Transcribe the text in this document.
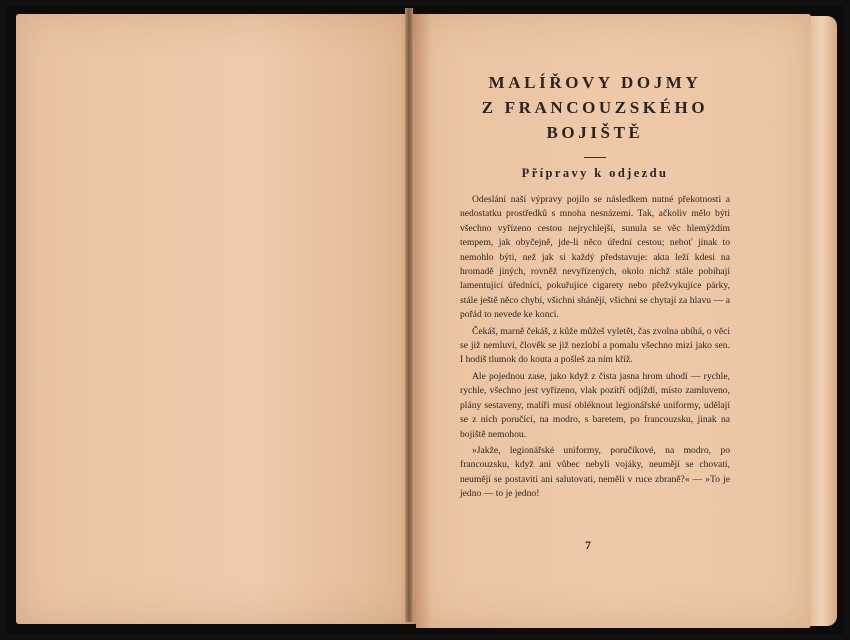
MALÍŘOVY DOJMY
Z FRANCOUZSKÉHO
BOJIŠTĚ
Přípravy k odjezdu

Odeslání naší výpravy pojilo se následkem nutné překotnosti a nedostatku prostředků s mnoha nesnázemi. Tak, ačkoliv mělo býti všechno vyřízeno cestou nejrychlejší, sunula se věc hlemýždím tempem, jak obyčejně, jde-li něco úřední cestou; neboť jinak to nemohlo býti, než jak si každý představuje: akta leží kdesi na hromadě jiných, rovněž nevyřízených, okolo nichž stále pobíhají lamentující úředníci, pokuřujíce cigarety nebo přežvykujíce párky, stále ještě něco chybí, všichni shánějí, všichni se chytají za hlavu — a pořád to nevede ke konci.

Čekáš, marně čekáš, z kůže můžeš vyletět, čas zvolna ubíhá, o věci se již nemluví, člověk se již nezlobí a pomalu všechno mizí jako sen. I hodíš tlumok do kouta a pošleš za ním kříž.

Ale pojednou zase, jako když z čista jasna hrom uhodí — rychle, rychle, všechno jest vyřízeno, vlak pozítří odjíždí, místo zamluveno, plány sestaveny, malíři musí obléknout legionářské uniformy, udělají se z nich poručíci, na modro, s baretem, po francouzsku, jinak na bojiště nemohou.

»Jakže, legionářské uniformy, poručíkové, na modro, po francouzsku, když ani vůbec nebyli vojáky, neumějí se chovati, neumějí se postaviti ani salutovati, neměli v ruce zbraně?« — »To je jedno — to je jedno!

7
